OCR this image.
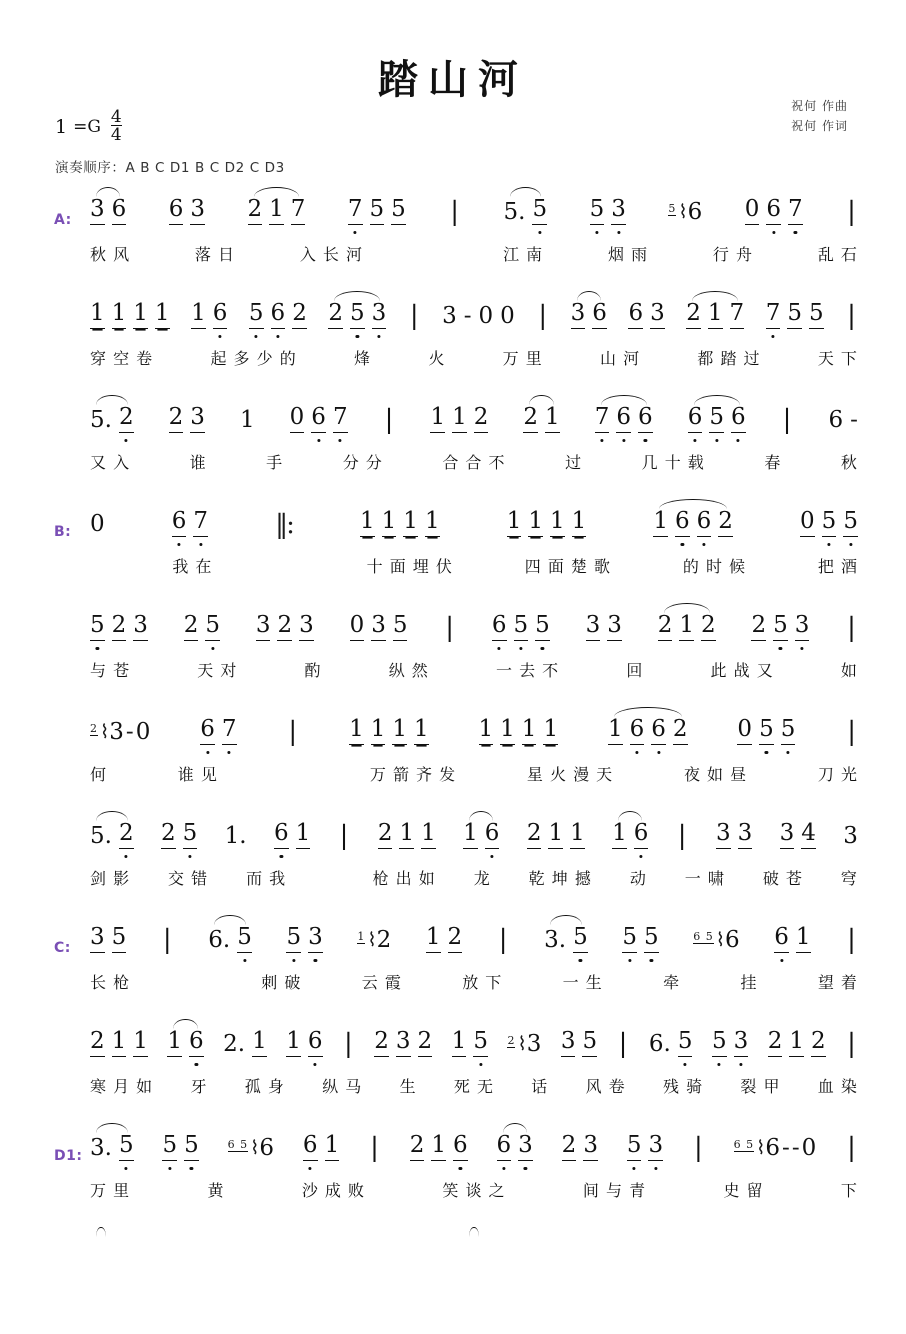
踏山河
祝何 作曲
祝何 作词
$1 =G \frac{4}{4}$
演奏顺序：A B C D1 B C D2 C D3
A: 3 6 6 3 2 1 7 7 5 5 | 5. 5 5 3	5 ⌇ 6 0 6 7 |
秋 风	落 日	入 长 河	江 南	烟 雨	行 舟	乱 石
1 1 1 1 1 6 5 6 2 2 5 3 | 3 - 0 0 | 3 6 6 3 2 1 7 7 5 5 |
穿 空 卷	起 多 少 的	烽	火	万 里	山 河	都 踏 过	天 下
5. 2 2 3 1 0 6 7 | 1 1 2 2 1 7 6 6 6 5 6 | 6 -
又 入	谁	手	分 分	合 合 不	过	几 十 载	春	秋
B: 0	6 7	‖:	1 1 1 1	1 1 1 1	1 6 6 2	0 5 5
我 在	十 面 埋 伏	四 面 楚 歌	的 时 候	把 酒
5 2 3 2 5 3 2 3 0 3 5 | 6 5 5 3 3 2 1 2 2 5 3 |
与 苍	天 对	酌	纵 然	一 去 不	回	此 战 又	如
2 ⌇ 3 - 0 6 7 | 1 1 1 1 1 1 1 1 1 6 6 2 0 5 5 |
何	谁 见	万 箭 齐 发	星 火 漫 天	夜 如 昼	刀 光
5. 2 2 5 1. 6 1 | 2 1 1 1 6 2 1 1 1 6 | 3 3 3 4 3
剑 影 交 错 而 我	枪 出 如 龙 乾 坤 撼 动 一 啸 破 苍 穹
C: 3 5 | 6. 5 5 3	1 ⌇ 2 1 2 | 3. 5 5 5	6 5 ⌇ 6 6 1 |
长 枪	刺 破	云 霞	放 下	一 生	牵	挂	望 着
2 1 1 1 6 2. 1 1 6 | 2 3 2 1 5 2 ⌇ 3 3 5 | 6. 5 5 3 2 1 2 |
寒 月 如 牙 孤 身 纵 马 生 死 无 话 风 卷 残 骑 裂 甲 血 染
D1: 3. 5 5 5	6 5 ⌇ 6 6 1 | 2 1 6 6 3 2 3 5 3 |	6 5 ⌇ 6 - - 0 |
万 里	黄	沙 成 败	笑 谈 之	间 与 青	史 留	下
